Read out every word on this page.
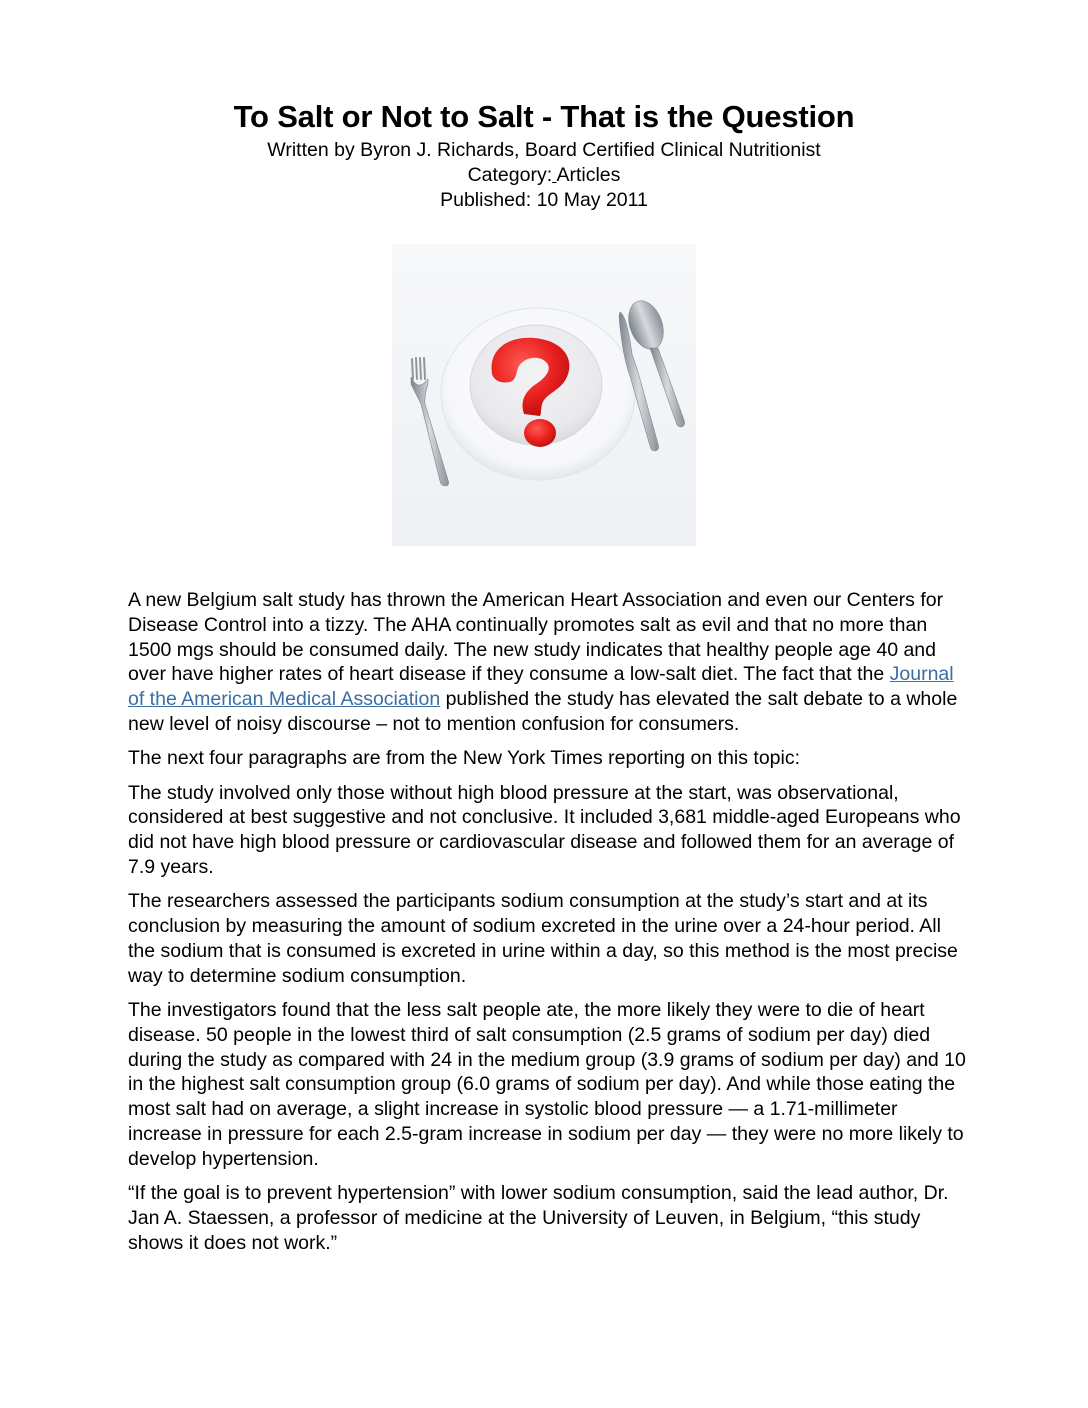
To Salt or Not to Salt - That is the Question

Written by Byron J. Richards, Board Certified Clinical Nutritionist

Category: Articles

Published: 10 May 2011

A new Belgium salt study has thrown the American Heart Association and even our Centers for Disease Control into a tizzy. The AHA continually promotes salt as evil and that no more than 1500 mgs should be consumed daily. The new study indicates that healthy people age 40 and over have higher rates of heart disease if they consume a low-salt diet. The fact that the Journal of the American Medical Association published the study has elevated the salt debate to a whole new level of noisy discourse – not to mention confusion for consumers.

The next four paragraphs are from the New York Times reporting on this topic:

The study involved only those without high blood pressure at the start, was observational, considered at best suggestive and not conclusive. It included 3,681 middle-aged Europeans who did not have high blood pressure or cardiovascular disease and followed them for an average of 7.9 years.

The researchers assessed the participants sodium consumption at the study’s start and at its conclusion by measuring the amount of sodium excreted in the urine over a 24-hour period. All the sodium that is consumed is excreted in urine within a day, so this method is the most precise way to determine sodium consumption.

The investigators found that the less salt people ate, the more likely they were to die of heart disease. 50 people in the lowest third of salt consumption (2.5 grams of sodium per day) died during the study as compared with 24 in the medium group (3.9 grams of sodium per day) and 10 in the highest salt consumption group (6.0 grams of sodium per day). And while those eating the most salt had on average, a slight increase in systolic blood pressure — a 1.71-millimeter increase in pressure for each 2.5-gram increase in sodium per day — they were no more likely to develop hypertension.

“If the goal is to prevent hypertension” with lower sodium consumption, said the lead author, Dr. Jan A. Staessen, a professor of medicine at the University of Leuven, in Belgium, “this study shows it does not work.”
